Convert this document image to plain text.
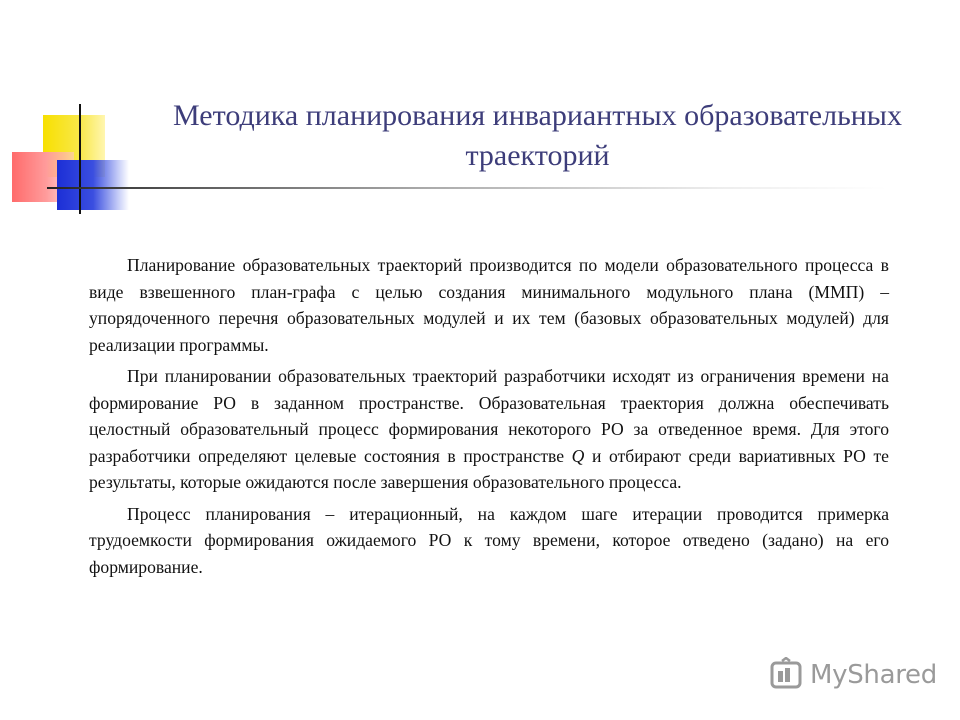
Методика планирования инвариантных образовательных траекторий

Планирование образовательных траекторий производится по модели образовательного процесса в виде взвешенного план-графа с целью создания минимального модульного плана (ММП) – упорядоченного перечня образовательных модулей и их тем (базовых образовательных модулей) для реализации программы.

При планировании образовательных траекторий разработчики исходят из ограничения времени на формирование РО в заданном пространстве. Образовательная траектория должна обеспечивать целостный образовательный процесс формирования некоторого РО за отведенное время. Для этого разработчики определяют целевые состояния в пространстве Q и отбирают среди вариативных РО те результаты, которые ожидаются после завершения образовательного процесса.

Процесс планирования – итерационный, на каждом шаге итерации проводится примерка трудоемкости формирования ожидаемого РО к тому времени, которое отведено (задано) на его формирование.

MyShared
